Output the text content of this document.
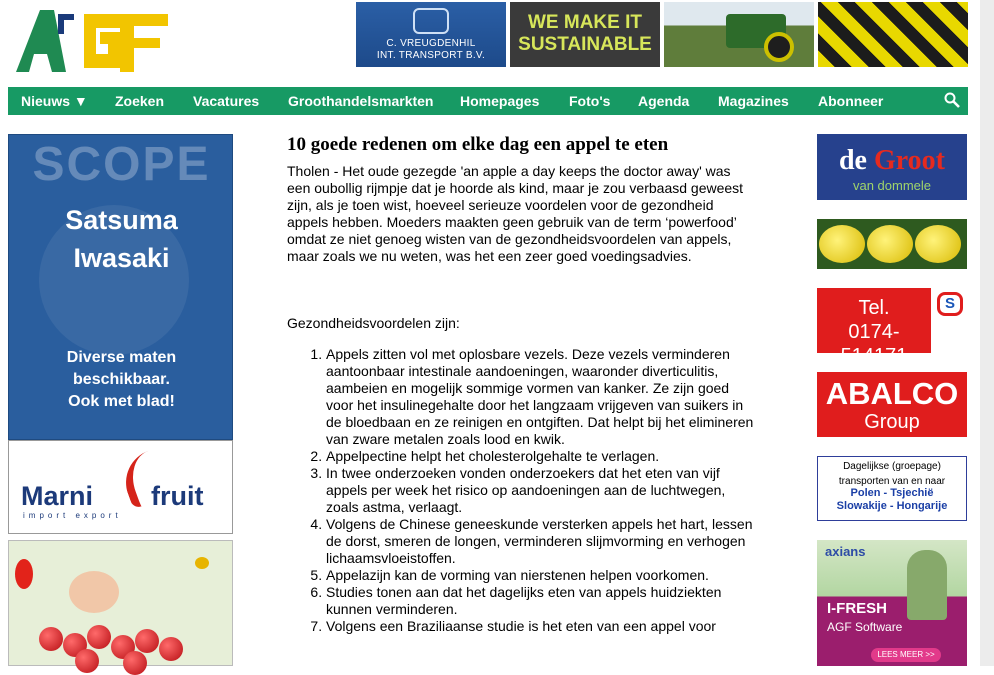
C. VREUGDENHIL
INT. TRANSPORT B.V.
WE MAKE IT
SUSTAINABLE
Nieuws ▼ Zoeken Vacatures Groothandelsmarkten Homepages Foto's Agenda Magazines Abonneer
SCOPE
Satsuma
Iwasaki
Diverse maten
beschikbaar.
Ook met blad!
Marni fruit
import export
10 goede redenen om elke dag een appel te eten

Tholen - Het oude gezegde 'an apple a day keeps the doctor away' was een oubollig rijmpje dat je hoorde als kind, maar je zou verbaasd geweest zijn, als je toen wist, hoeveel serieuze voordelen voor de gezondheid appels hebben. Moeders maakten geen gebruik van de term ‘powerfood’ omdat ze niet genoeg wisten van de gezondheidsvoordelen van appels, maar zoals we nu weten, was het een zeer goed voedingsadvies.

Gezondheidsvoordelen zijn:

1. Appels zitten vol met oplosbare vezels. Deze vezels verminderen aantoonbaar intestinale aandoeningen, waaronder diverticulitis, aambeien en mogelijk sommige vormen van kanker. Ze zijn goed voor het insulinegehalte door het langzaam vrijgeven van suikers in de bloedbaan en ze reinigen en ontgiften. Dat helpt bij het elimineren van zware metalen zoals lood en kwik.
2. Appelpectine helpt het cholesterolgehalte te verlagen.
3. In twee onderzoeken vonden onderzoekers dat het eten van vijf appels per week het risico op aandoeningen aan de luchtwegen, zoals astma, verlaagt.
4. Volgens de Chinese geneeskunde versterken appels het hart, lessen de dorst, smeren de longen, verminderen slijmvorming en verhogen lichaamsvloeistoffen.
5. Appelazijn kan de vorming van nierstenen helpen voorkomen.
6. Studies tonen aan dat het dagelijks eten van appels huidziekten kunnen verminderen.
7. Volgens een Braziliaanse studie is het eten van een appel voor
de Groot
van dommele
Tel.
0174-514171
S
ABALCO
Group
Dagelijkse (groepage)
transporten van en naar
Polen - Tsjechië
Slowakije - Hongarije
axians
I-FRESH
AGF Software
LEES MEER >>
